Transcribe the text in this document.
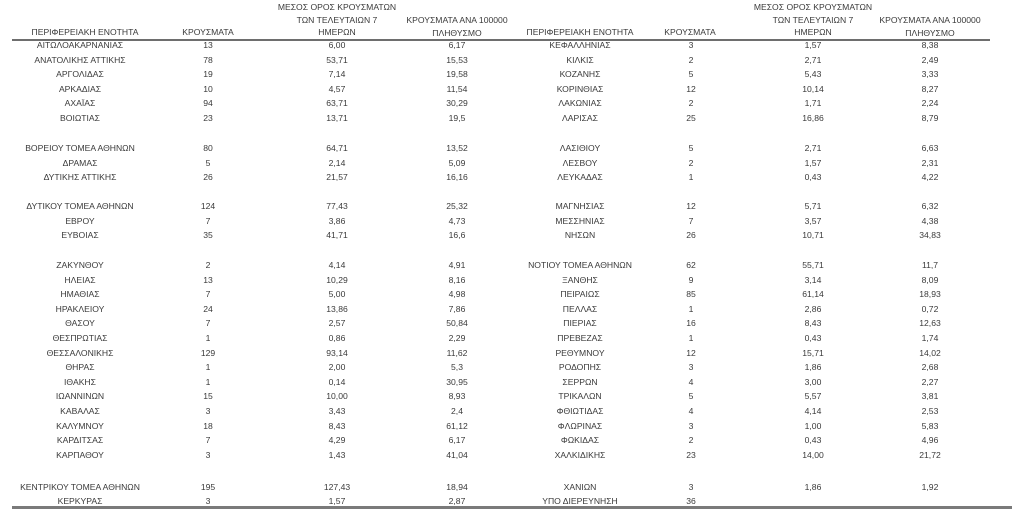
ΠΕΡΙΦΕΡΕΙΑΚΗ ΕΝΟΤΗΤΑ	ΚΡΟΥΣΜΑΤΑ
ΜΕΣΟΣ ΟΡΟΣ ΚΡΟΥΣΜΑΤΩΝ
ΤΩΝ ΤΕΛΕΥΤΑΙΩΝ 7
ΗΜΕΡΩΝ
ΚΡΟΥΣΜΑΤΑ ΑΝΑ 100000
ΠΛΗΘΥΣΜΟ	ΠΕΡΙΦΕΡΕΙΑΚΗ ΕΝΟΤΗΤΑ	ΚΡΟΥΣΜΑΤΑ
ΜΕΣΟΣ ΟΡΟΣ ΚΡΟΥΣΜΑΤΩΝ
ΤΩΝ ΤΕΛΕΥΤΑΙΩΝ 7
ΗΜΕΡΩΝ
ΚΡΟΥΣΜΑΤΑ ΑΝΑ 100000
ΠΛΗΘΥΣΜΟ
ΑΙΤΩΛΟΑΚΑΡΝΑΝΙΑΣ	13	6,00	6,17
ΑΝΑΤΟΛΙΚΗΣ ΑΤΤΙΚΗΣ	78	53,71	15,53
ΑΡΓΟΛΙΔΑΣ	19	7,14	19,58
ΑΡΚΑΔΙΑΣ	10	4,57	11,54
ΑΧΑΪΑΣ	94	63,71	30,29
ΒΟΙΩΤΙΑΣ	23	13,71	19,5
ΒΟΡΕΙΟΥ ΤΟΜΕΑ ΑΘΗΝΩΝ	80	64,71	13,52
ΔΡΑΜΑΣ	5	2,14	5,09
ΔΥΤΙΚΗΣ ΑΤΤΙΚΗΣ	26	21,57	16,16
ΔΥΤΙΚΟΥ ΤΟΜΕΑ ΑΘΗΝΩΝ	124	77,43	25,32
ΕΒΡΟΥ	7	3,86	4,73
ΕΥΒΟΙΑΣ	35	41,71	16,6
ΖΑΚΥΝΘΟΥ	2	4,14	4,91
ΗΛΕΙΑΣ	13	10,29	8,16
ΗΜΑΘΙΑΣ	7	5,00	4,98
ΗΡΑΚΛΕΙΟΥ	24	13,86	7,86
ΘΑΣΟΥ	7	2,57	50,84
ΘΕΣΠΡΩΤΙΑΣ	1	0,86	2,29
ΘΕΣΣΑΛΟΝΙΚΗΣ	129	93,14	11,62
ΘΗΡΑΣ	1	2,00	5,3
ΙΘΑΚΗΣ	1	0,14	30,95
ΙΩΑΝΝΙΝΩΝ	15	10,00	8,93
ΚΑΒΑΛΑΣ	3	3,43	2,4
ΚΑΛΥΜΝΟΥ	18	8,43	61,12
ΚΑΡΔΙΤΣΑΣ	7	4,29	6,17
ΚΑΡΠΑΘΟΥ	3	1,43	41,04
ΚΕΝΤΡΙΚΟΥ ΤΟΜΕΑ ΑΘΗΝΩΝ	195	127,43	18,94
ΚΕΡΚΥΡΑΣ	3	1,57	2,87
ΚΕΦΑΛΛΗΝΙΑΣ	3	1,57	8,38
ΚΙΛΚΙΣ	2	2,71	2,49
ΚΟΖΑΝΗΣ	5	5,43	3,33
ΚΟΡΙΝΘΙΑΣ	12	10,14	8,27
ΛΑΚΩΝΙΑΣ	2	1,71	2,24
ΛΑΡΙΣΑΣ	25	16,86	8,79
ΛΑΣΙΘΙΟΥ	5	2,71	6,63
ΛΕΣΒΟΥ	2	1,57	2,31
ΛΕΥΚΑΔΑΣ	1	0,43	4,22
ΜΑΓΝΗΣΙΑΣ	12	5,71	6,32
ΜΕΣΣΗΝΙΑΣ	7	3,57	4,38
ΝΗΣΩΝ	26	10,71	34,83
ΝΟΤΙΟΥ ΤΟΜΕΑ ΑΘΗΝΩΝ	62	55,71	11,7
ΞΑΝΘΗΣ	9	3,14	8,09
ΠΕΙΡΑΙΩΣ	85	61,14	18,93
ΠΕΛΛΑΣ	1	2,86	0,72
ΠΙΕΡΙΑΣ	16	8,43	12,63
ΠΡΕΒΕΖΑΣ	1	0,43	1,74
ΡΕΘΥΜΝΟΥ	12	15,71	14,02
ΡΟΔΟΠΗΣ	3	1,86	2,68
ΣΕΡΡΩΝ	4	3,00	2,27
ΤΡΙΚΑΛΩΝ	5	5,57	3,81
ΦΘΙΩΤΙΔΑΣ	4	4,14	2,53
ΦΛΩΡΙΝΑΣ	3	1,00	5,83
ΦΩΚΙΔΑΣ	2	0,43	4,96
ΧΑΛΚΙΔΙΚΗΣ	23	14,00	21,72
ΧΑΝΙΩΝ	3	1,86	1,92
ΥΠΟ ΔΙΕΡΕΥΝΗΣΗ	36
